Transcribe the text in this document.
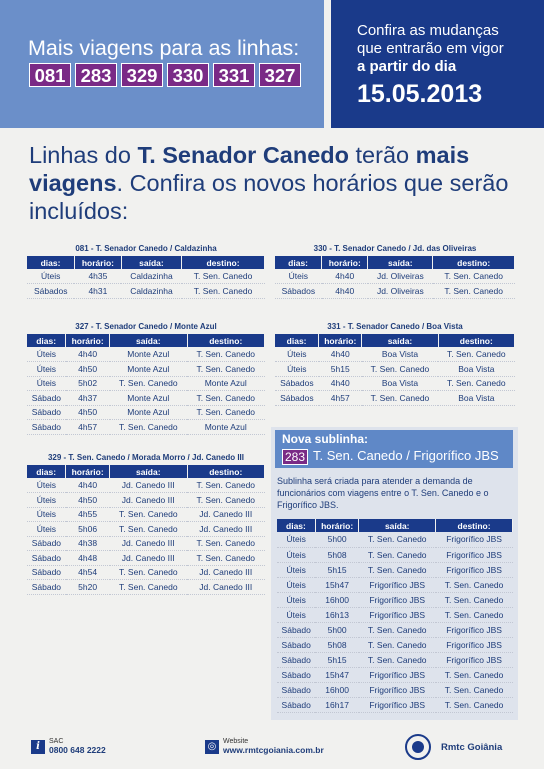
Mais viagens para as linhas:
081 283 329 330 331 327
Confira as mudanças
que entrarão em vigor
a partir do dia
15.05.2013
Linhas do T. Senador Canedo terão mais viagens. Confira os novos horários que serão incluídos:
081 - T. Senador Canedo / Caldazinha
dias:	horário:	saída:	destino:
Úteis	4h35	Caldazinha	T. Sen. Canedo
Sábados	4h31	Caldazinha	T. Sen. Canedo
330 - T. Senador Canedo / Jd. das Oliveiras
dias:	horário:	saída:	destino:
Úteis	4h40	Jd. Oliveiras	T. Sen. Canedo
Sábados	4h40	Jd. Oliveiras	T. Sen. Canedo
327 - T. Senador Canedo / Monte Azul
dias:	horário:	saída:	destino:
Úteis	4h40	Monte Azul	T. Sen. Canedo
Úteis	4h50	Monte Azul	T. Sen. Canedo
Úteis	5h02	T. Sen. Canedo	Monte Azul
Sábado	4h37	Monte Azul	T. Sen. Canedo
Sábado	4h50	Monte Azul	T. Sen. Canedo
Sábado	4h57	T. Sen. Canedo	Monte Azul
331 - T. Senador Canedo / Boa Vista
dias:	horário:	saída:	destino:
Úteis	4h40	Boa Vista	T. Sen. Canedo
Úteis	5h15	T. Sen. Canedo	Boa Vista
Sábados	4h40	Boa Vista	T. Sen. Canedo
Sábados	4h57	T. Sen. Canedo	Boa Vista
329 - T. Sen. Canedo / Morada Morro / Jd. Canedo III
dias:	horário:	saída:	destino:
Úteis	4h40	Jd. Canedo III	T. Sen. Canedo
Úteis	4h50	Jd. Canedo III	T. Sen. Canedo
Úteis	4h55	T. Sen. Canedo	Jd. Canedo III
Úteis	5h06	T. Sen. Canedo	Jd. Canedo III
Sábado	4h38	Jd. Canedo III	T. Sen. Canedo
Sábado	4h48	Jd. Canedo III	T. Sen. Canedo
Sábado	4h54	T. Sen. Canedo	Jd. Canedo III
Sábado	5h20	T. Sen. Canedo	Jd. Canedo III
Nova sublinha:
283 T. Sen. Canedo / Frigorífico JBS
Sublinha será criada para atender a demanda de funcionários com viagens entre o T. Sen. Canedo e o Frigorífico JBS.
dias:	horário:	saída:	destino:
Úteis	5h00	T. Sen. Canedo	Frigorífico JBS
Úteis	5h08	T. Sen. Canedo	Frigorífico JBS
Úteis	5h15	T. Sen. Canedo	Frigorífico JBS
Úteis	15h47	Frigorífico JBS	T. Sen. Canedo
Úteis	16h00	Frigorífico JBS	T. Sen. Canedo
Úteis	16h13	Frigorífico JBS	T. Sen. Canedo
Sábado	5h00	T. Sen. Canedo	Frigorífico JBS
Sábado	5h08	T. Sen. Canedo	Frigorífico JBS
Sábado	5h15	T. Sen. Canedo	Frigorífico JBS
Sábado	15h47	Frigorífico JBS	T. Sen. Canedo
Sábado	16h00	Frigorífico JBS	T. Sen. Canedo
Sábado	16h17	Frigorífico JBS	T. Sen. Canedo
i	SAC
0800 648 2222	◎ Website
www.rmtcgoiania.com.br	Rmtc Goiânia
